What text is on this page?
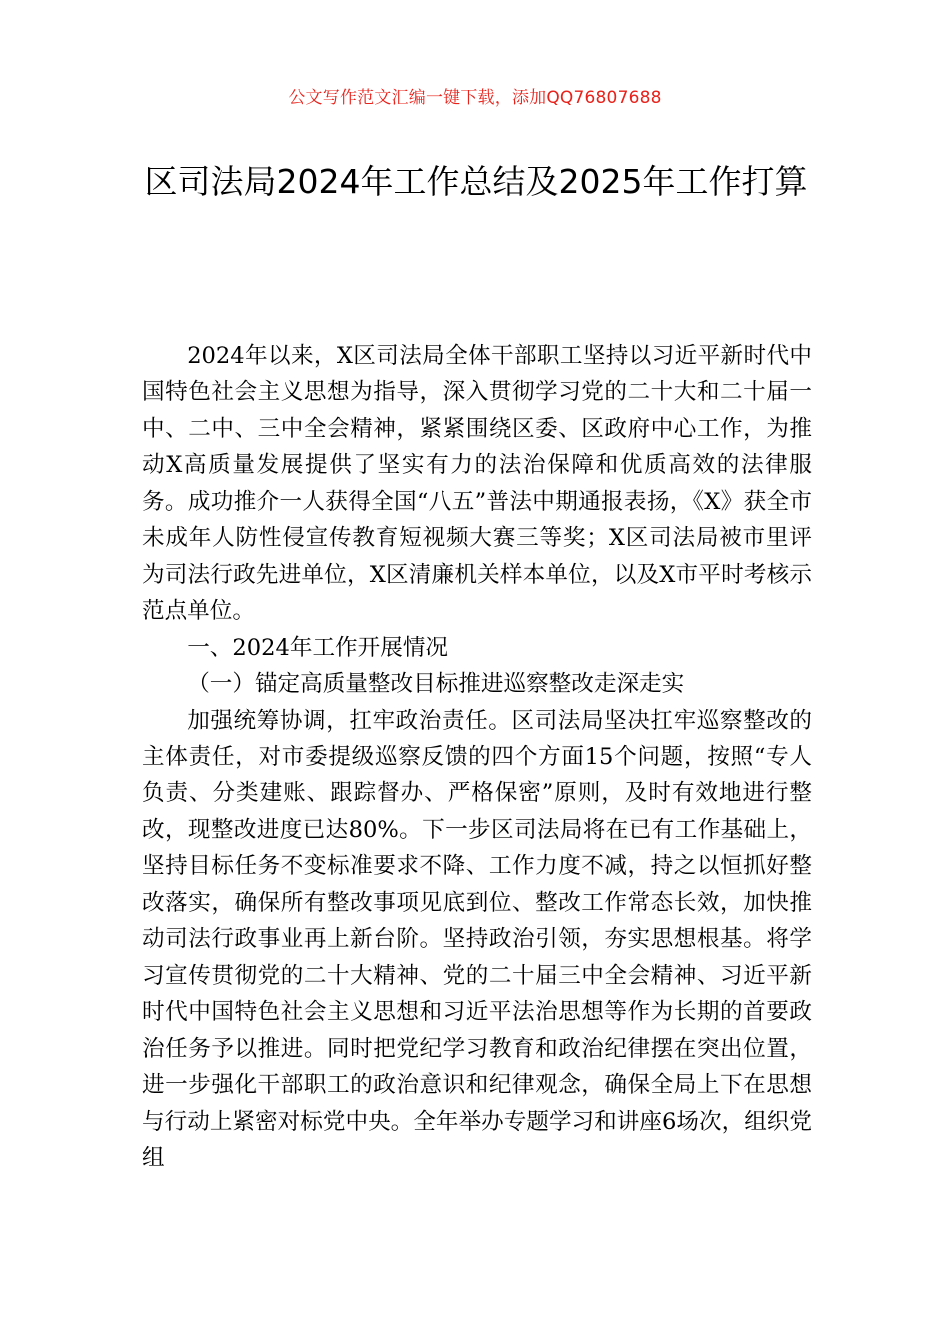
公文写作范文汇编一键下载，添加QQ76807688
区司法局2024年工作总结及2025年工作打算

2024年以来，X区司法局全体干部职工坚持以习近平新时代中国特色社会主义思想为指导，深入贯彻学习党的二十大和二十届一中、二中、三中全会精神，紧紧围绕区委、区政府中心工作，为推动X高质量发展提供了坚实有力的法治保障和优质高效的法律服务。成功推介一人获得全国“八五”普法中期通报表扬，《X》获全市未成年人防性侵宣传教育短视频大赛三等奖；X区司法局被市里评为司法行政先进单位，X区清廉机关样本单位，以及X市平时考核示范点单位。

一、2024年工作开展情况

（一）锚定高质量整改目标推进巡察整改走深走实

加强统筹协调，扛牢政治责任。区司法局坚决扛牢巡察整改的主体责任，对市委提级巡察反馈的四个方面15个问题，按照“专人负责、分类建账、跟踪督办、严格保密”原则，及时有效地进行整改，现整改进度已达80%。下一步区司法局将在已有工作基础上，坚持目标任务不变标准要求不降、工作力度不减，持之以恒抓好整改落实，确保所有整改事项见底到位、整改工作常态长效，加快推动司法行政事业再上新台阶。坚持政治引领，夯实思想根基。将学习宣传贯彻党的二十大精神、党的二十届三中全会精神、习近平新时代中国特色社会主义思想和习近平法治思想等作为长期的首要政治任务予以推进。同时把党纪学习教育和政治纪律摆在突出位置，进一步强化干部职工的政治意识和纪律观念，确保全局上下在思想与行动上紧密对标党中央。全年举办专题学习和讲座6场次，组织党组
